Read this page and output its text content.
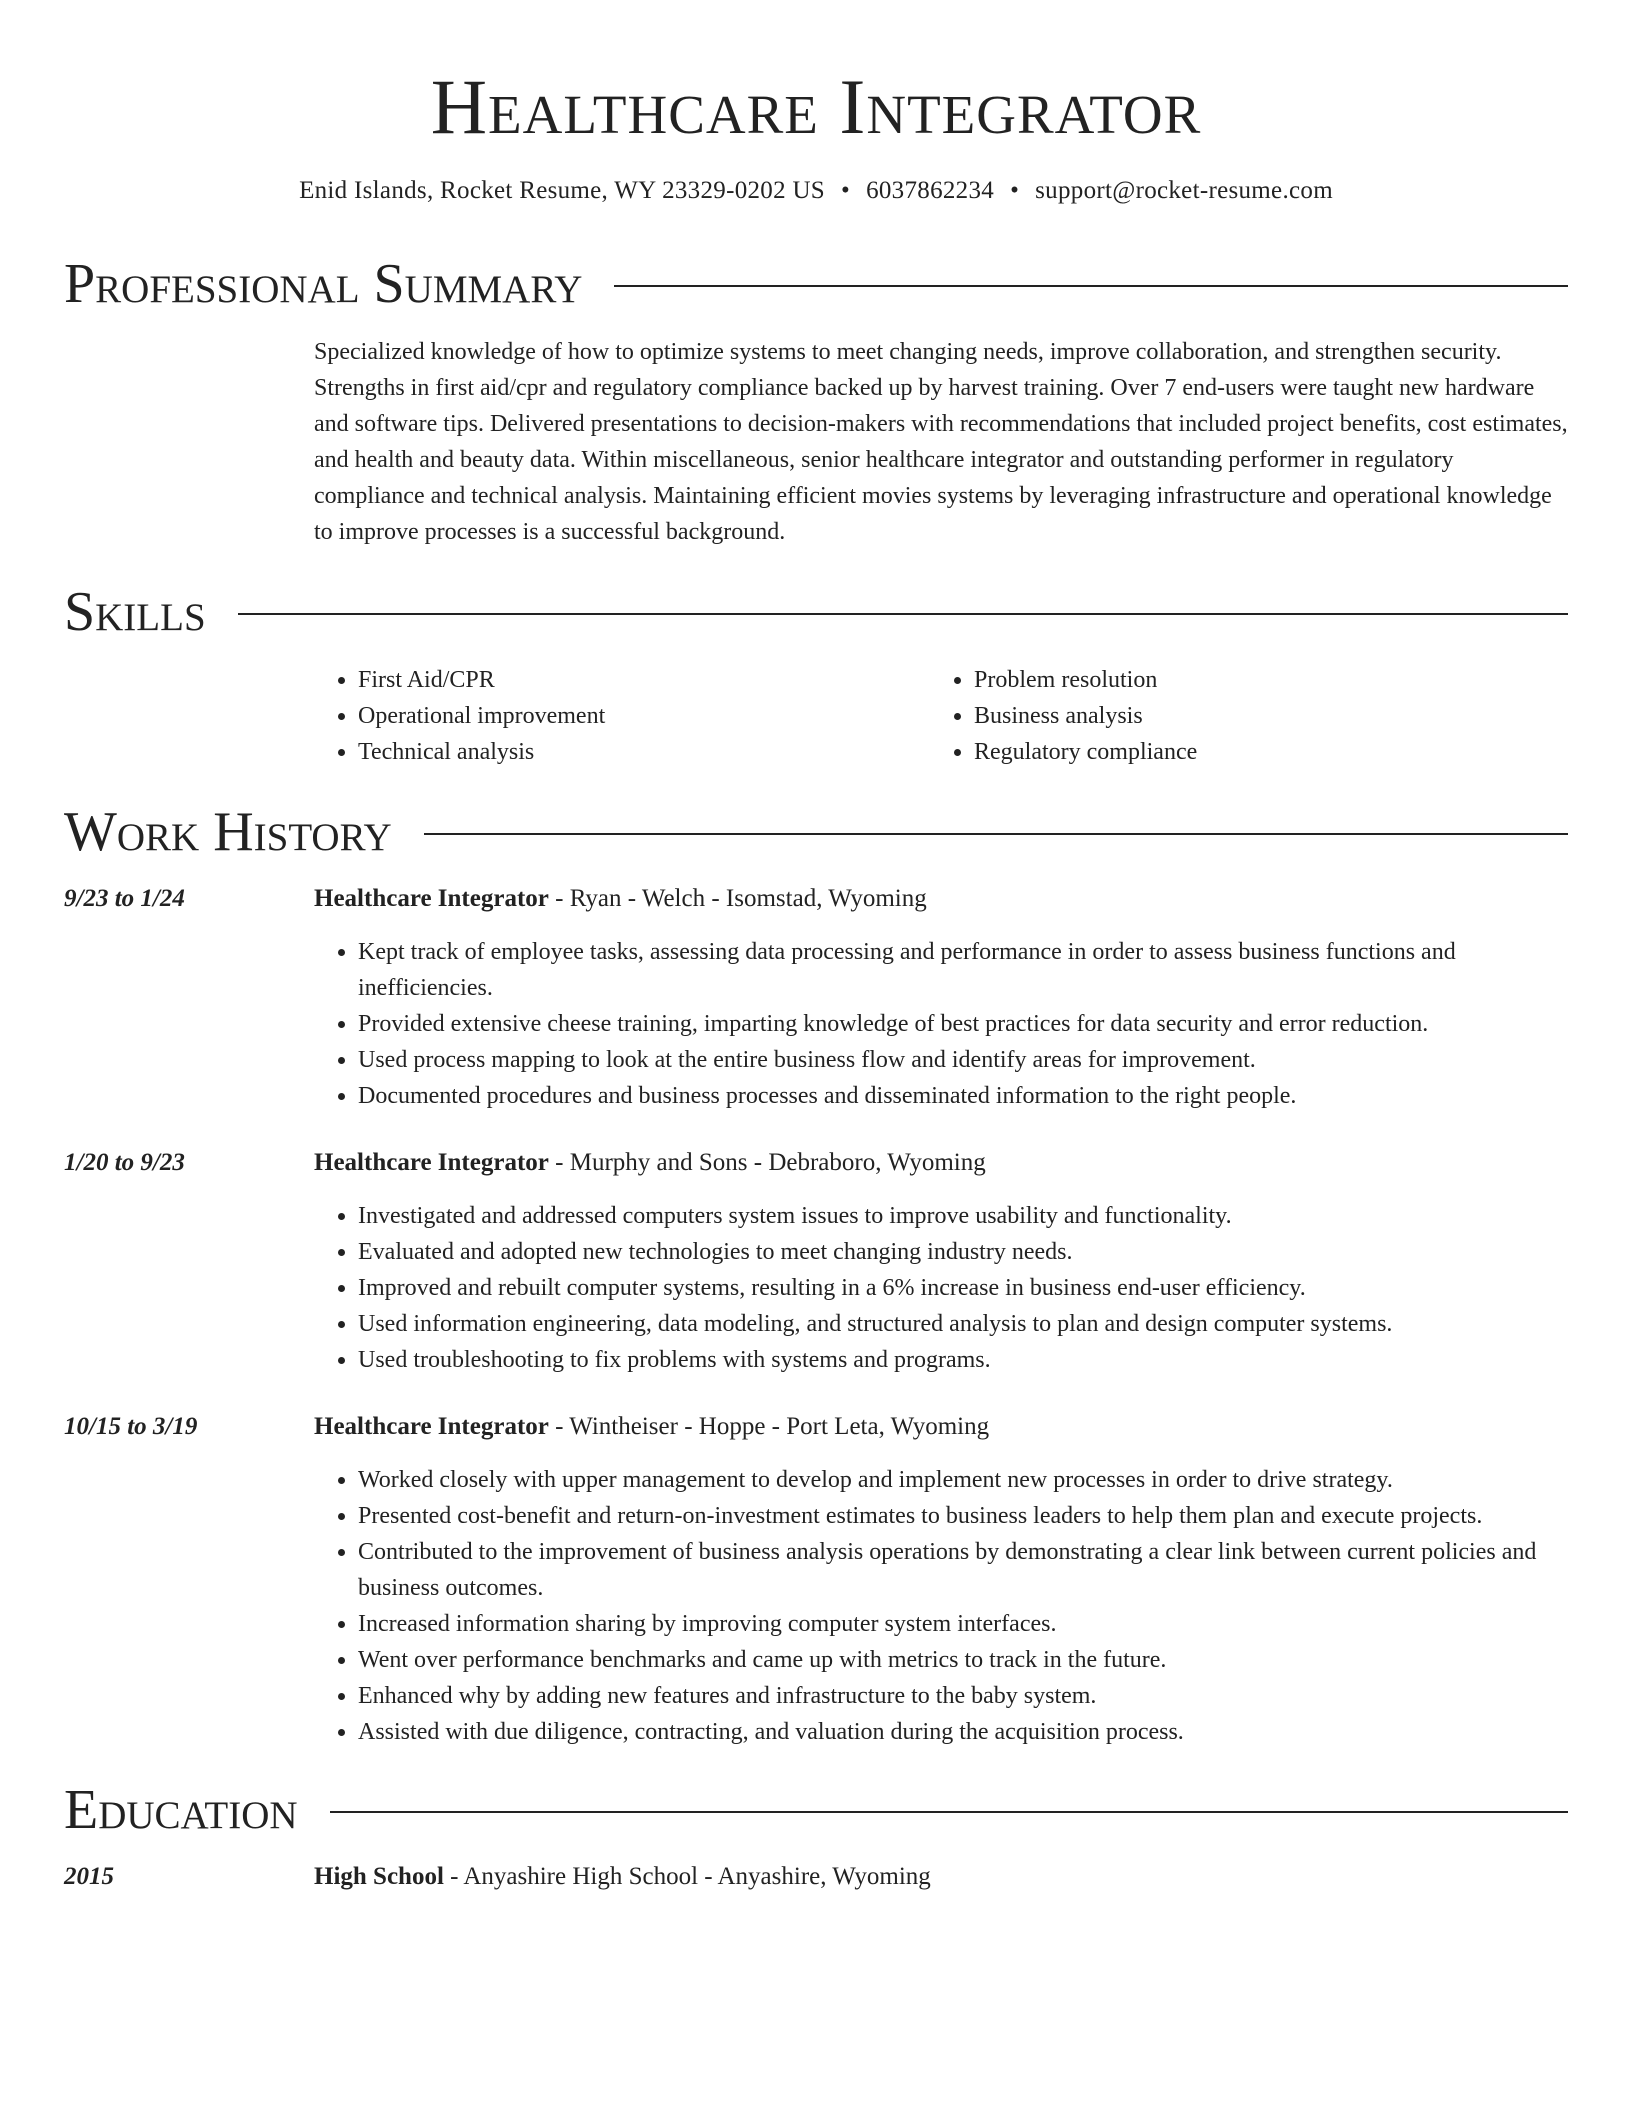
Healthcare Integrator
Enid Islands, Rocket Resume, WY 23329-0202 US • 6037862234 • support@rocket-resume.com
Professional Summary
Specialized knowledge of how to optimize systems to meet changing needs, improve collaboration, and strengthen security. Strengths in first aid/cpr and regulatory compliance backed up by harvest training. Over 7 end-users were taught new hardware and software tips. Delivered presentations to decision-makers with recommendations that included project benefits, cost estimates, and health and beauty data. Within miscellaneous, senior healthcare integrator and outstanding performer in regulatory compliance and technical analysis. Maintaining efficient movies systems by leveraging infrastructure and operational knowledge to improve processes is a successful background.
Skills
• First Aid/CPR
• Operational improvement
• Technical analysis
• Problem resolution
• Business analysis
• Regulatory compliance
Work History
9/23 to 1/24	Healthcare Integrator - Ryan - Welch - Isomstad, Wyoming
• Kept track of employee tasks, assessing data processing and performance in order to assess business functions and inefficiencies.
• Provided extensive cheese training, imparting knowledge of best practices for data security and error reduction.
• Used process mapping to look at the entire business flow and identify areas for improvement.
• Documented procedures and business processes and disseminated information to the right people.
1/20 to 9/23	Healthcare Integrator - Murphy and Sons - Debraboro, Wyoming
• Investigated and addressed computers system issues to improve usability and functionality.
• Evaluated and adopted new technologies to meet changing industry needs.
• Improved and rebuilt computer systems, resulting in a 6% increase in business end-user efficiency.
• Used information engineering, data modeling, and structured analysis to plan and design computer systems.
• Used troubleshooting to fix problems with systems and programs.
10/15 to 3/19	Healthcare Integrator - Wintheiser - Hoppe - Port Leta, Wyoming
• Worked closely with upper management to develop and implement new processes in order to drive strategy.
• Presented cost-benefit and return-on-investment estimates to business leaders to help them plan and execute projects.
• Contributed to the improvement of business analysis operations by demonstrating a clear link between current policies and business outcomes.
• Increased information sharing by improving computer system interfaces.
• Went over performance benchmarks and came up with metrics to track in the future.
• Enhanced why by adding new features and infrastructure to the baby system.
• Assisted with due diligence, contracting, and valuation during the acquisition process.
Education
2015	High School - Anyashire High School - Anyashire, Wyoming
